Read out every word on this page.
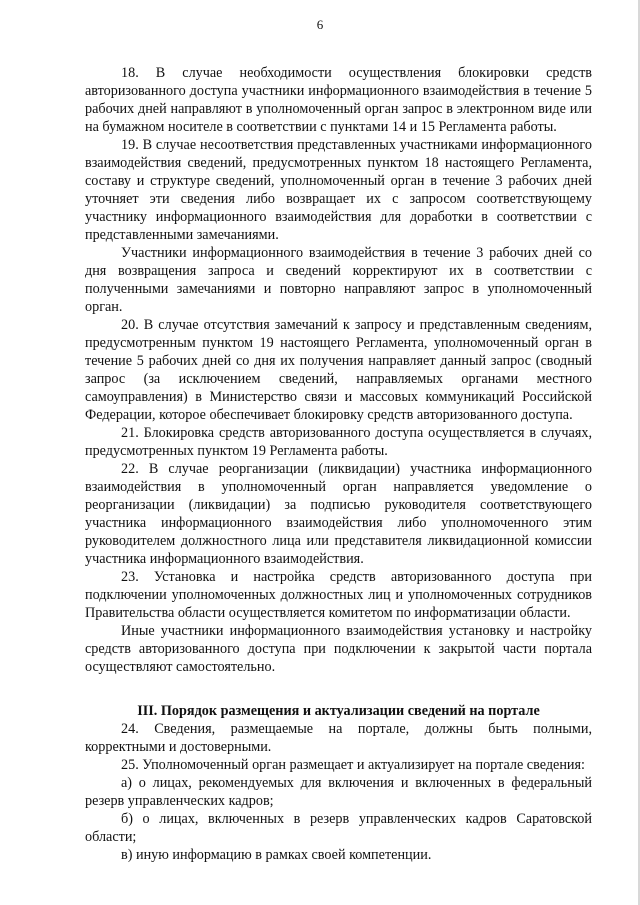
6

18. В случае необходимости осуществления блокировки средств авторизованного доступа участники информационного взаимодействия в течение 5 рабочих дней направляют в уполномоченный орган запрос в электронном виде или на бумажном носителе в соответствии с пунктами 14 и 15 Регламента работы.

19. В случае несоответствия представленных участниками информационного взаимодействия сведений, предусмотренных пунктом 18 настоящего Регламента, составу и структуре сведений, уполномоченный орган в течение 3 рабочих дней уточняет эти сведения либо возвращает их с запросом соответствующему участнику информационного взаимодействия для доработки в соответствии с представленными замечаниями.

Участники информационного взаимодействия в течение 3 рабочих дней со дня возвращения запроса и сведений корректируют их в соответствии с полученными замечаниями и повторно направляют запрос в уполномоченный орган.

20. В случае отсутствия замечаний к запросу и представленным сведениям, предусмотренным пунктом 19 настоящего Регламента, уполномоченный орган в течение 5 рабочих дней со дня их получения направляет данный запрос (сводный запрос (за исключением сведений, направляемых органами местного самоуправления) в Министерство связи и массовых коммуникаций Российской Федерации, которое обеспечивает блокировку средств авторизованного доступа.

21. Блокировка средств авторизованного доступа осуществляется в случаях, предусмотренных пунктом 19 Регламента работы.

22. В случае реорганизации (ликвидации) участника информационного взаимодействия в уполномоченный орган направляется уведомление о реорганизации (ликвидации) за подписью руководителя соответствующего участника информационного взаимодействия либо уполномоченного этим руководителем должностного лица или представителя ликвидационной комиссии участника информационного взаимодействия.

23. Установка и настройка средств авторизованного доступа при подключении уполномоченных должностных лиц и уполномоченных сотрудников Правительства области осуществляется комитетом по информатизации области.

Иные участники информационного взаимодействия установку и настройку средств авторизованного доступа при подключении к закрытой части портала осуществляют самостоятельно.

III. Порядок размещения и актуализации сведений на портале

24. Сведения, размещаемые на портале, должны быть полными, корректными и достоверными.

25. Уполномоченный орган размещает и актуализирует на портале сведения:

а) о лицах, рекомендуемых для включения и включенных в федеральный резерв управленческих кадров;

б) о лицах, включенных в резерв управленческих кадров Саратовской области;

в) иную информацию в рамках своей компетенции.
